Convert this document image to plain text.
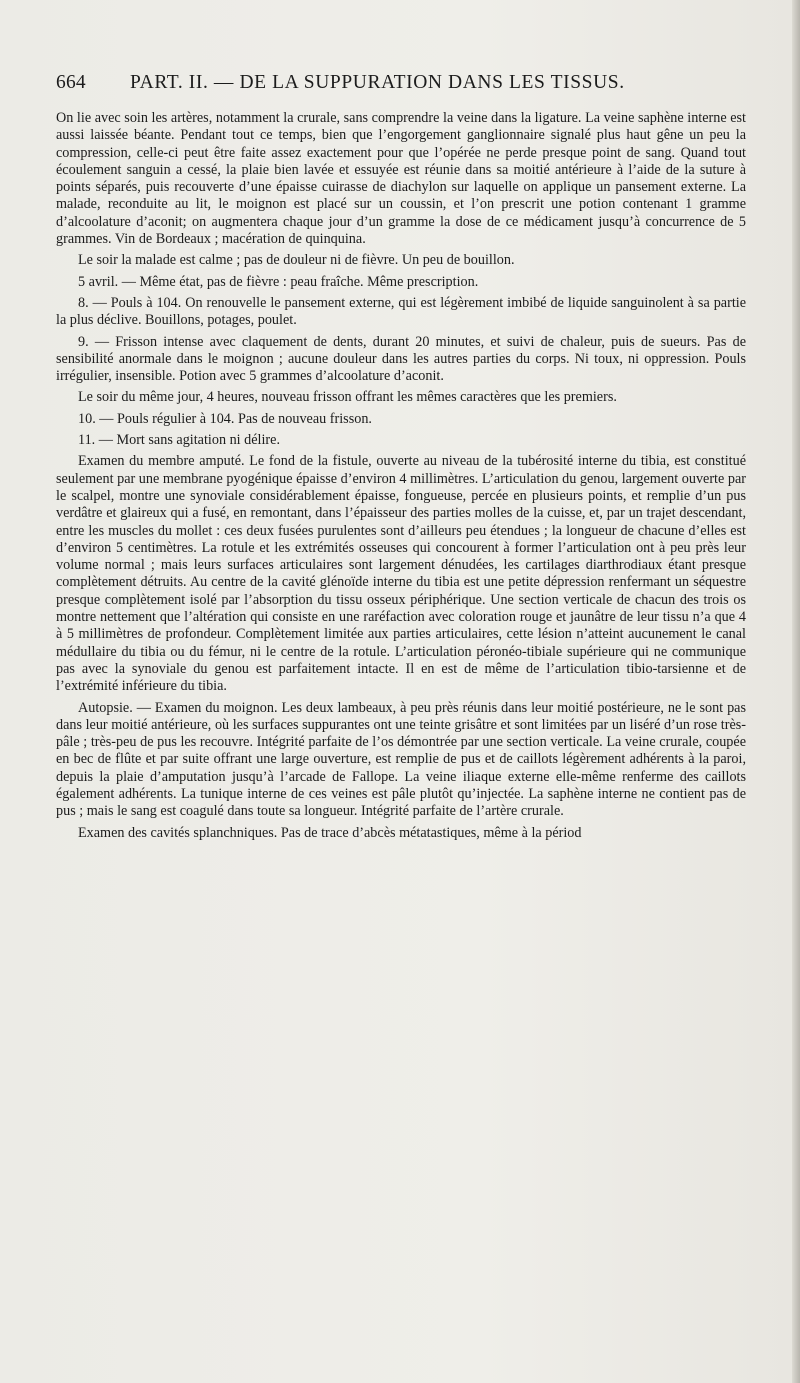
664 PART. II. — DE LA SUPPURATION DANS LES TISSUS.

On lie avec soin les artères, notamment la crurale, sans comprendre la veine dans la ligature. La veine saphène interne est aussi laissée béante. Pendant tout ce temps, bien que l’engorgement ganglionnaire signalé plus haut gêne un peu la compression, celle-ci peut être faite assez exactement pour que l’opérée ne perde presque point de sang. Quand tout écoulement sanguin a cessé, la plaie bien lavée et essuyée est réunie dans sa moitié antérieure à l’aide de la suture à points séparés, puis recouverte d’une épaisse cuirasse de diachylon sur laquelle on applique un pansement externe. La malade, reconduite au lit, le moignon est placé sur un coussin, et l’on prescrit une potion contenant 1 gramme d’alcoolature d’aconit; on augmentera chaque jour d’un gramme la dose de ce médicament jusqu’à concurrence de 5 grammes. Vin de Bordeaux ; macération de quinquina.

Le soir la malade est calme ; pas de douleur ni de fièvre. Un peu de bouillon.

5 avril. — Même état, pas de fièvre : peau fraîche. Même prescription.

8. — Pouls à 104. On renouvelle le pansement externe, qui est légèrement imbibé de liquide sanguinolent à sa partie la plus déclive. Bouillons, potages, poulet.

9. — Frisson intense avec claquement de dents, durant 20 minutes, et suivi de chaleur, puis de sueurs. Pas de sensibilité anormale dans le moignon ; aucune douleur dans les autres parties du corps. Ni toux, ni oppression. Pouls irrégulier, insensible. Potion avec 5 grammes d’alcoolature d’aconit.

Le soir du même jour, 4 heures, nouveau frisson offrant les mêmes caractères que les premiers.

10. — Pouls régulier à 104. Pas de nouveau frisson.

11. — Mort sans agitation ni délire.

Examen du membre amputé. Le fond de la fistule, ouverte au niveau de la tubérosité interne du tibia, est constitué seulement par une membrane pyogénique épaisse d’environ 4 millimètres. L’articulation du genou, largement ouverte par le scalpel, montre une synoviale considérablement épaisse, fongueuse, percée en plusieurs points, et remplie d’un pus verdâtre et glaireux qui a fusé, en remontant, dans l’épaisseur des parties molles de la cuisse, et, par un trajet descendant, entre les muscles du mollet : ces deux fusées purulentes sont d’ailleurs peu étendues ; la longueur de chacune d’elles est d’environ 5 centimètres. La rotule et les extrémités osseuses qui concourent à former l’articulation ont à peu près leur volume normal ; mais leurs surfaces articulaires sont largement dénudées, les cartilages diarthrodiaux étant presque complètement détruits. Au centre de la cavité glénoïde interne du tibia est une petite dépression renfermant un séquestre presque complètement isolé par l’absorption du tissu osseux périphérique. Une section verticale de chacun des trois os montre nettement que l’altération qui consiste en une raréfaction avec coloration rouge et jaunâtre de leur tissu n’a que 4 à 5 millimètres de profondeur. Complètement limitée aux parties articulaires, cette lésion n’atteint aucunement le canal médullaire du tibia ou du fémur, ni le centre de la rotule. L’articulation péronéo-tibiale supérieure qui ne communique pas avec la synoviale du genou est parfaitement intacte. Il en est de même de l’articulation tibio-tarsienne et de l’extrémité inférieure du tibia.

Autopsie. — Examen du moignon. Les deux lambeaux, à peu près réunis dans leur moitié postérieure, ne le sont pas dans leur moitié antérieure, où les surfaces suppurantes ont une teinte grisâtre et sont limitées par un liséré d’un rose très-pâle ; très-peu de pus les recouvre. Intégrité parfaite de l’os démontrée par une section verticale. La veine crurale, coupée en bec de flûte et par suite offrant une large ouverture, est remplie de pus et de caillots légèrement adhérents à la paroi, depuis la plaie d’amputation jusqu’à l’arcade de Fallope. La veine iliaque externe elle-même renferme des caillots également adhérents. La tunique interne de ces veines est pâle plutôt qu’injectée. La saphène interne ne contient pas de pus ; mais le sang est coagulé dans toute sa longueur. Intégrité parfaite de l’artère crurale.

Examen des cavités splanchniques. Pas de trace d’abcès métatastiques, même à la périod
